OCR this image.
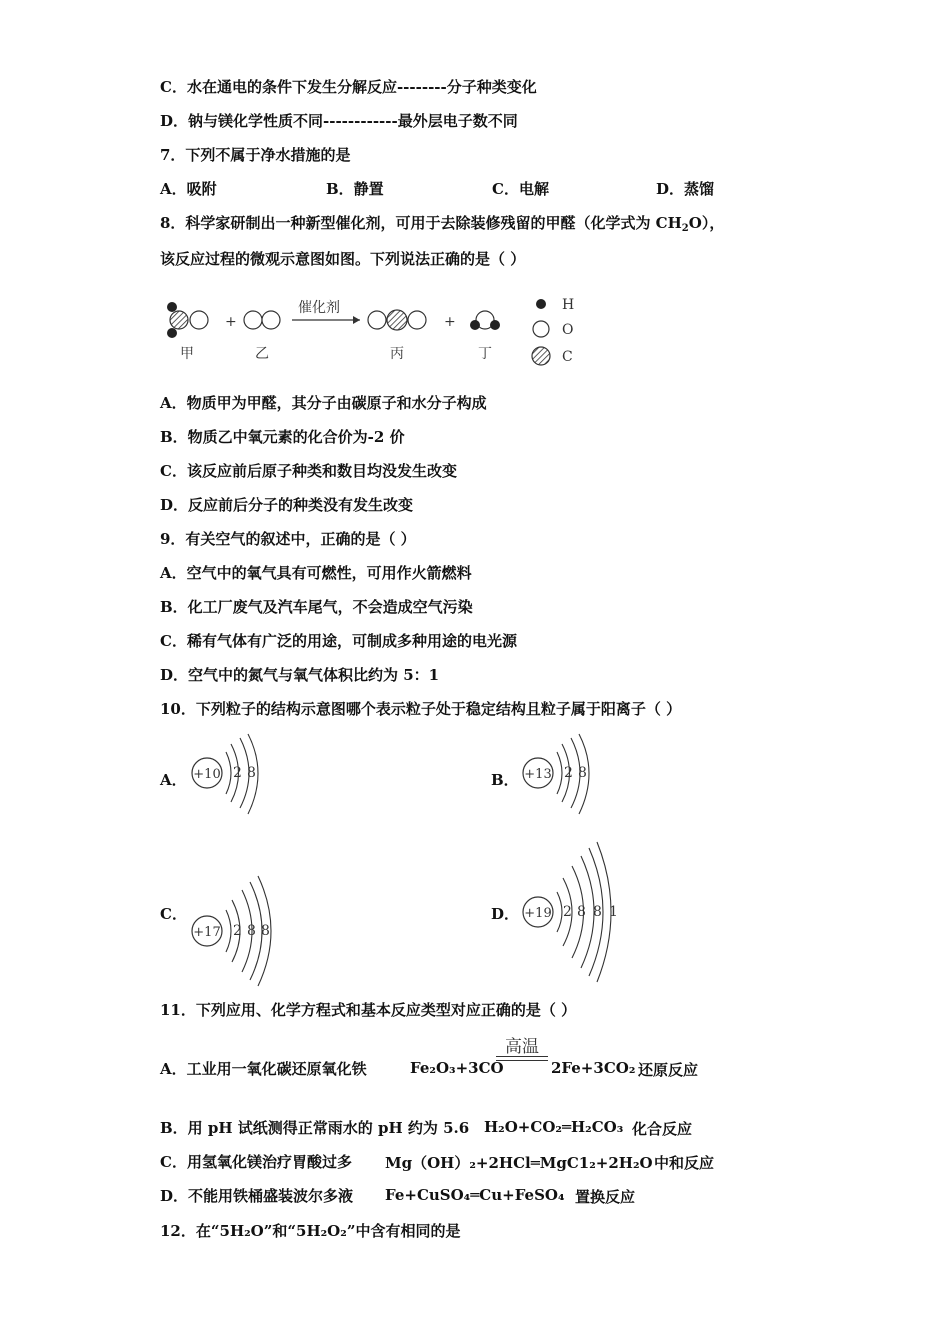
C．水在通电的条件下发生分解反应--------分子种类变化
D．钠与镁化学性质不同------------最外层电子数不同
7．下列不属于净水措施的是
A．吸附	B．静置	C．电解	D．蒸馏
8．科学家研制出一种新型催化剂，可用于去除装修残留的甲醛（化学式为 $CH_2O$），
该反应过程的微观示意图如图。下列说法正确的是（ ）
+
催化剂
+
甲	乙	丙	丁
H
O
C
A．物质甲为甲醛，其分子由碳原子和水分子构成
B．物质乙中氧元素的化合价为-2 价
C．该反应前后原子种类和数目均没发生改变
D．反应前后分子的种类没有发生改变
9．有关空气的叙述中，正确的是（ ）
A．空气中的氧气具有可燃性，可用作火箭燃料
B．化工厂废气及汽车尾气，不会造成空气污染
C．稀有气体有广泛的用途，可制成多种用途的电光源
D．空气中的氮气与氧气体积比约为 5：1
10．下列粒子的结构示意图哪个表示粒子处于稳定结构且粒子属于阳离子（ ）
A． +10 2 8	B． +13 2 8
C．
+17 2 8 8
D． +19 2 8 8 1
11．下列应用、化学方程式和基本反应类型对应正确的是（ ）
A．工业用一氧化碳还原氧化铁	Fe₂O₃+3CO
高温
2Fe+3CO₂ 还原反应
B．用 pH 试纸测得正常雨水的 pH 约为 5.6 H₂O+CO₂═H₂CO₃ 化合反应
C．用氢氧化镁治疗胃酸过多 Mg（OH）₂+2HCl═MgC1₂+2H₂O 中和反应
D．不能用铁桶盛装波尔多液 Fe+CuSO₄═Cu+FeSO₄ 置换反应
12．在“5H₂O”和“5H₂O₂”中含有相同的是
